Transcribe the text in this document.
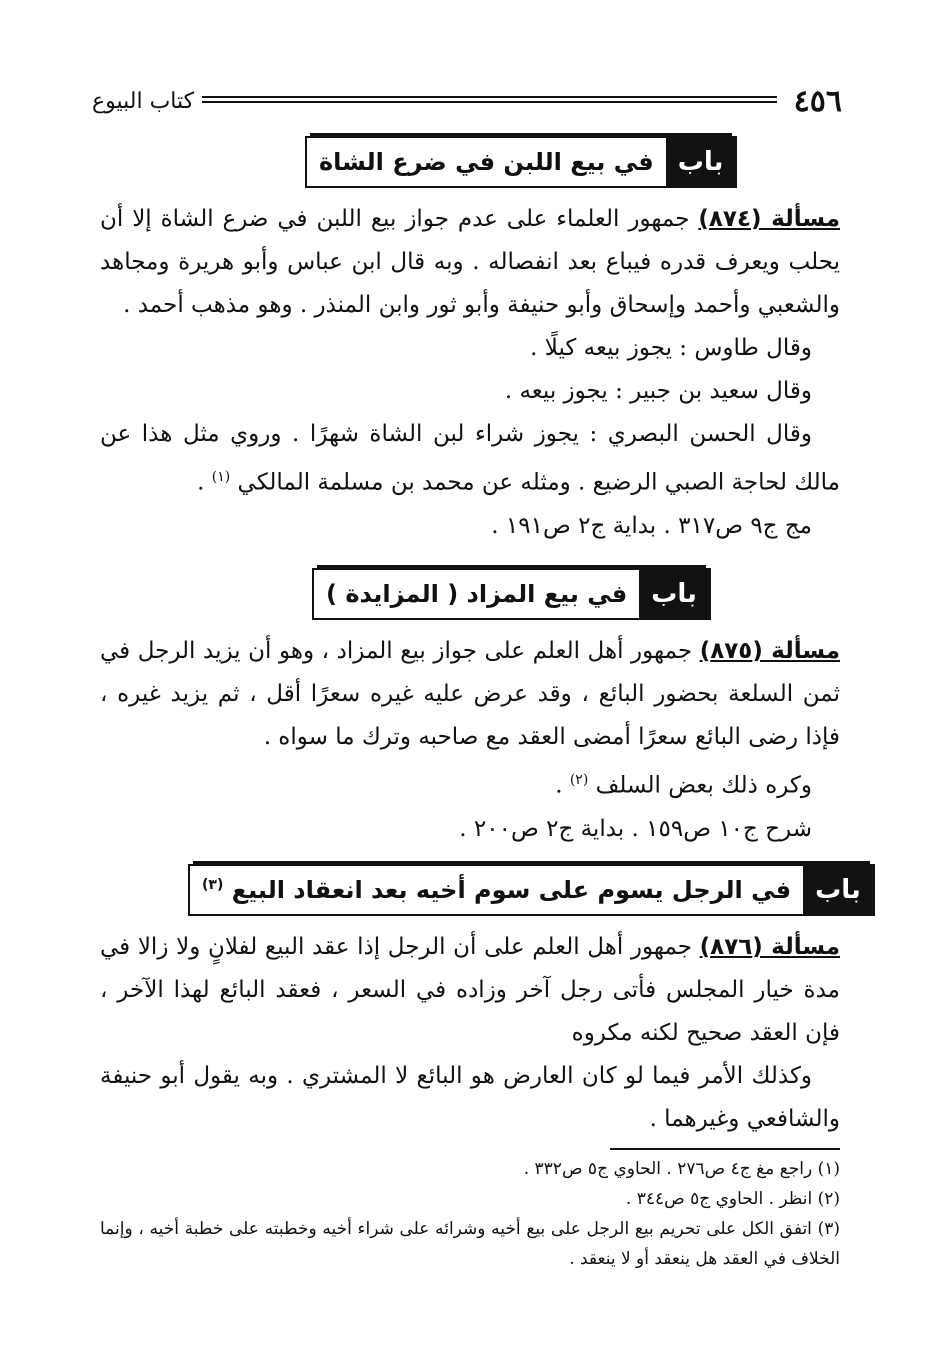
٤٥٦
كتاب البيوع
باب
في بيع اللبن في ضرع الشاة

مسألة (٨٧٤) جمهور العلماء على عدم جواز بيع اللبن في ضرع الشاة إلا أن يحلب ويعرف قدره فيباع بعد انفصاله . وبه قال ابن عباس وأبو هريرة ومجاهد والشعبي وأحمد وإسحاق وأبو حنيفة وأبو ثور وابن المنذر . وهو مذهب أحمد .

وقال طاوس : يجوز بيعه كيلًا .

وقال سعيد بن جبير : يجوز بيعه .

وقال الحسن البصري : يجوز شراء لبن الشاة شهرًا . وروي مثل هذا عن مالك لحاجة الصبي الرضيع . ومثله عن محمد بن مسلمة المالكي $^{(١)}$ .

مج ج٩ ص٣١٧ . بداية ج٢ ص١٩١ .

باب
في بيع المزاد ( المزايدة )

مسألة (٨٧٥) جمهور أهل العلم على جواز بيع المزاد ، وهو أن يزيد الرجل في ثمن السلعة بحضور البائع ، وقد عرض عليه غيره سعرًا أقل ، ثم يزيد غيره ، فإذا رضى البائع سعرًا أمضى العقد مع صاحبه وترك ما سواه .

وكره ذلك بعض السلف $^{(٢)}$ .

شرح ج١٠ ص١٥٩ . بداية ج٢ ص٢٠٠ .

باب
في الرجل يسوم على سوم أخيه بعد انعقاد البيع $^{(٣)}$

مسألة (٨٧٦) جمهور أهل العلم على أن الرجل إذا عقد البيع لفلانٍ ولا زالا في مدة خيار المجلس فأتى رجل آخر وزاده في السعر ، فعقد البائع لهذا الآخر ، فإن العقد صحيح لكنه مكروه

وكذلك الأمر فيما لو كان العارض هو البائع لا المشتري . وبه يقول أبو حنيفة والشافعي وغيرهما .

(١) راجع مغ ج٤ ص٢٧٦ . الحاوي ج٥ ص٣٣٢ .

(٢) انظر . الحاوي ج٥ ص٣٤٤ .

(٣) اتفق الكل على تحريم بيع الرجل على بيع أخيه وشرائه على شراء أخيه وخطبته على خطبة أخيه ، وإنما الخلاف في العقد هل ينعقد أو لا ينعقد .
